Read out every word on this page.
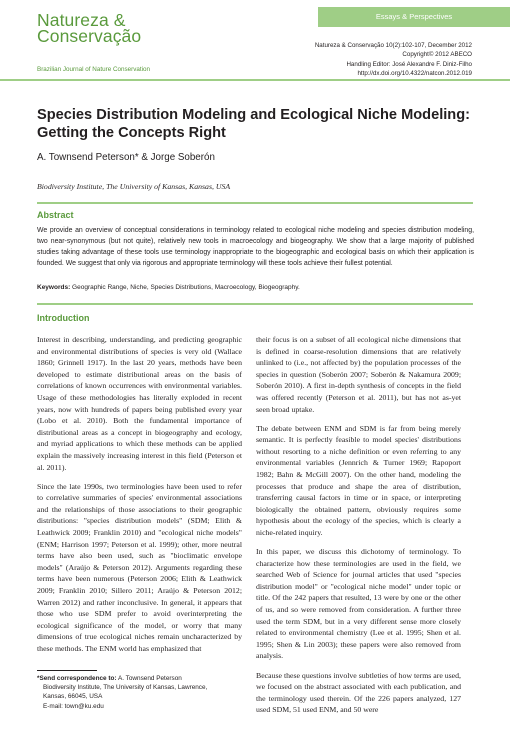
Natureza &
Conservação
Brazilian Journal of Nature Conservation
Essays & Perspectives
Natureza & Conservação 10(2):102-107, December 2012
Copyright© 2012 ABECO
Handling Editor: José Alexandre F. Diniz-Filho
http://dx.doi.org/10.4322/natcon.2012.019
Species Distribution Modeling and Ecological Niche Modeling: Getting the Concepts Right
A. Townsend Peterson* & Jorge Soberón
Biodiversity Institute, The University of Kansas, Kansas, USA
Abstract
We provide an overview of conceptual considerations in terminology related to ecological niche modeling and species distribution modeling, two near-synonymous (but not quite), relatively new tools in macroecology and biogeography. We show that a large majority of published studies taking advantage of these tools use terminology inappropriate to the biogeographic and ecological basis on which their application is founded. We suggest that only via rigorous and appropriate terminology will these tools achieve their fullest potential.
Keywords: Geographic Range, Niche, Species Distributions, Macroecology, Biogeography.
Introduction

Interest in describing, understanding, and predicting geographic and environmental distributions of species is very old (Wallace 1860; Grinnell 1917). In the last 20 years, methods have been developed to estimate distributional areas on the basis of correlations of known occurrences with environmental variables. Usage of these methodologies has literally exploded in recent years, now with hundreds of papers being published every year (Lobo et al. 2010). Both the fundamental importance of distributional areas as a concept in biogeography and ecology, and myriad applications to which these methods can be applied explain the massively increasing interest in this field (Peterson et al. 2011).

Since the late 1990s, two terminologies have been used to refer to correlative summaries of species' environmental associations and the relationships of those associations to their geographic distributions: "species distribution models" (SDM; Elith & Leathwick 2009; Franklin 2010) and "ecological niche models" (ENM; Harrison 1997; Peterson et al. 1999); other, more neutral terms have also been used, such as "bioclimatic envelope models" (Araújo & Peterson 2012). Arguments regarding these terms have been numerous (Peterson 2006; Elith & Leathwick 2009; Franklin 2010; Sillero 2011; Araújo & Peterson 2012; Warren 2012) and rather inconclusive. In general, it appears that those who use SDM prefer to avoid overinterpreting the ecological significance of the model, or worry that many dimensions of true ecological niches remain uncharacterized by these methods. The ENM world has emphasized that

their focus is on a subset of all ecological niche dimensions that is defined in coarse-resolution dimensions that are relatively unlinked to (i.e., not affected by) the population processes of the species in question (Soberón 2007; Soberón & Nakamura 2009; Soberón 2010). A first in-depth synthesis of concepts in the field was offered recently (Peterson et al. 2011), but has not as-yet seen broad uptake.

The debate between ENM and SDM is far from being merely semantic. It is perfectly feasible to model species' distributions without resorting to a niche definition or even referring to any environmental variables (Jennrich & Turner 1969; Rapoport 1982; Bahn & McGill 2007). On the other hand, modeling the processes that produce and shape the area of distribution, transferring causal factors in time or in space, or interpreting biologically the obtained pattern, obviously requires some hypothesis about the ecology of the species, which is clearly a niche-related inquiry.

In this paper, we discuss this dichotomy of terminology. To characterize how these terminologies are used in the field, we searched Web of Science for journal articles that used "species distribution model" or "ecological niche model" under topic or title. Of the 242 papers that resulted, 13 were by one or the other of us, and so were removed from consideration. A further three used the term SDM, but in a very different sense more closely related to environmental chemistry (Lee et al. 1995; Shen et al. 1995; Shen & Lin 2003); these papers were also removed from analysis.

Because these questions involve subtleties of how terms are used, we focused on the abstract associated with each publication, and the terminology used therein. Of the 226 papers analyzed, 127 used SDM, 51 used ENM, and 50 were

*Send correspondence to: A. Townsend Peterson
Biodiversity Institute, The University of Kansas, Lawrence,
Kansas, 66045, USA
E-mail: town@ku.edu
